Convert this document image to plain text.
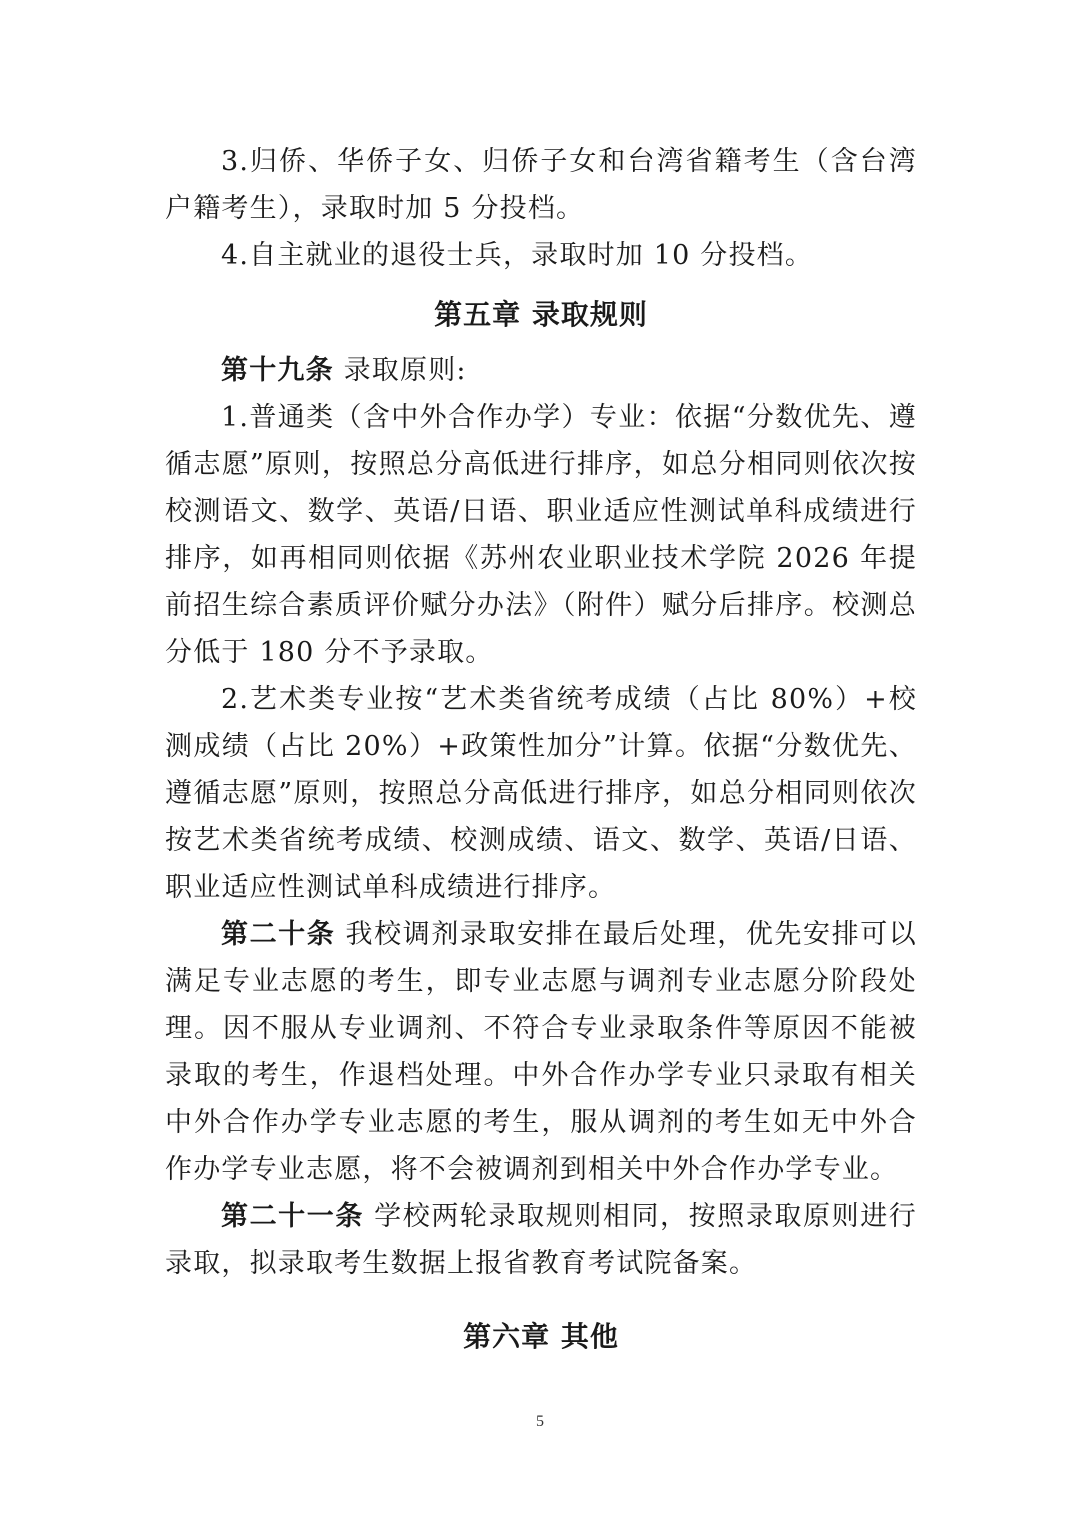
3.归侨、华侨子女、归侨子女和台湾省籍考生（含台湾户籍考生），录取时加 5 分投档。

4.自主就业的退役士兵，录取时加 10 分投档。

第五章 录取规则

第十九条 录取原则:

1.普通类（含中外合作办学）专业：依据“分数优先、遵循志愿”原则，按照总分高低进行排序，如总分相同则依次按校测语文、数学、英语/日语、职业适应性测试单科成绩进行排序，如再相同则依据《苏州农业职业技术学院 2026 年提前招生综合素质评价赋分办法》（附件）赋分后排序。校测总分低于 180 分不予录取。

2.艺术类专业按“艺术类省统考成绩（占比 80%）+校测成绩（占比 20%）+政策性加分”计算。依据“分数优先、遵循志愿”原则，按照总分高低进行排序，如总分相同则依次按艺术类省统考成绩、校测成绩、语文、数学、英语/日语、职业适应性测试单科成绩进行排序。

第二十条 我校调剂录取安排在最后处理，优先安排可以满足专业志愿的考生，即专业志愿与调剂专业志愿分阶段处理。因不服从专业调剂、不符合专业录取条件等原因不能被录取的考生，作退档处理。中外合作办学专业只录取有相关中外合作办学专业志愿的考生，服从调剂的考生如无中外合作办学专业志愿，将不会被调剂到相关中外合作办学专业。

第二十一条 学校两轮录取规则相同，按照录取原则进行录取，拟录取考生数据上报省教育考试院备案。

第六章 其他
5
